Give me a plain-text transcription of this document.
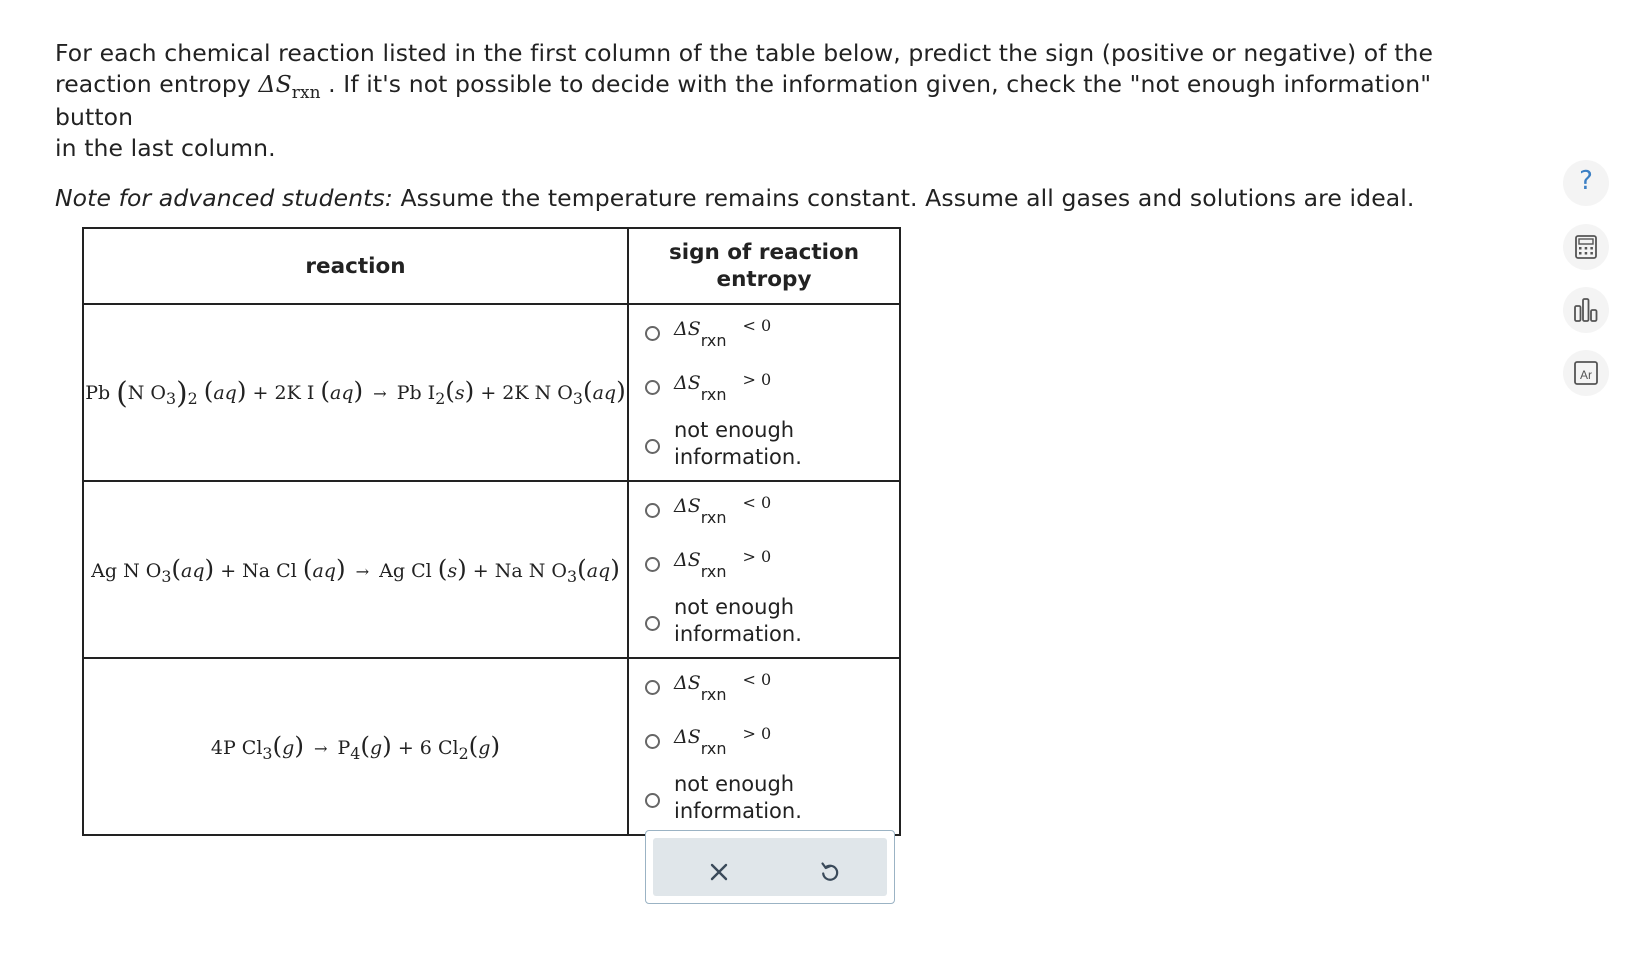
For each chemical reaction listed in the first column of the table below, predict the sign (positive or negative) of the
reaction entropy $\Delta S_{rxn}$ . If it's not possible to decide with the information given, check the "not enough information" button
in the last column.

Note for advanced students: Assume the temperature remains constant. Assume all gases and solutions are ideal.

reaction	sign of reaction entropy

Pb (N $O_3)_2$ (aq) + 2K I (aq) → Pb $I_2(s) + 2K$ N $O_3(aq)$	$\Delta S_{rxn}^{< 0}$
$\Delta S_{rxn}^{> 0}$
not enough information.

Ag N $O_3(aq) + Na$ Cl (aq) → Ag Cl (s) + Na N $O_3(aq)$	$\Delta S_{rxn}^{< 0}$
$\Delta S_{rxn}^{> 0}$
not enough information.

4P $Cl_3(g) \to P_4(g) + 6$ $Cl_2(g)$	$\Delta S_{rxn}^{< 0}$
$\Delta S_{rxn}^{> 0}$
not enough information.
?
Ar
